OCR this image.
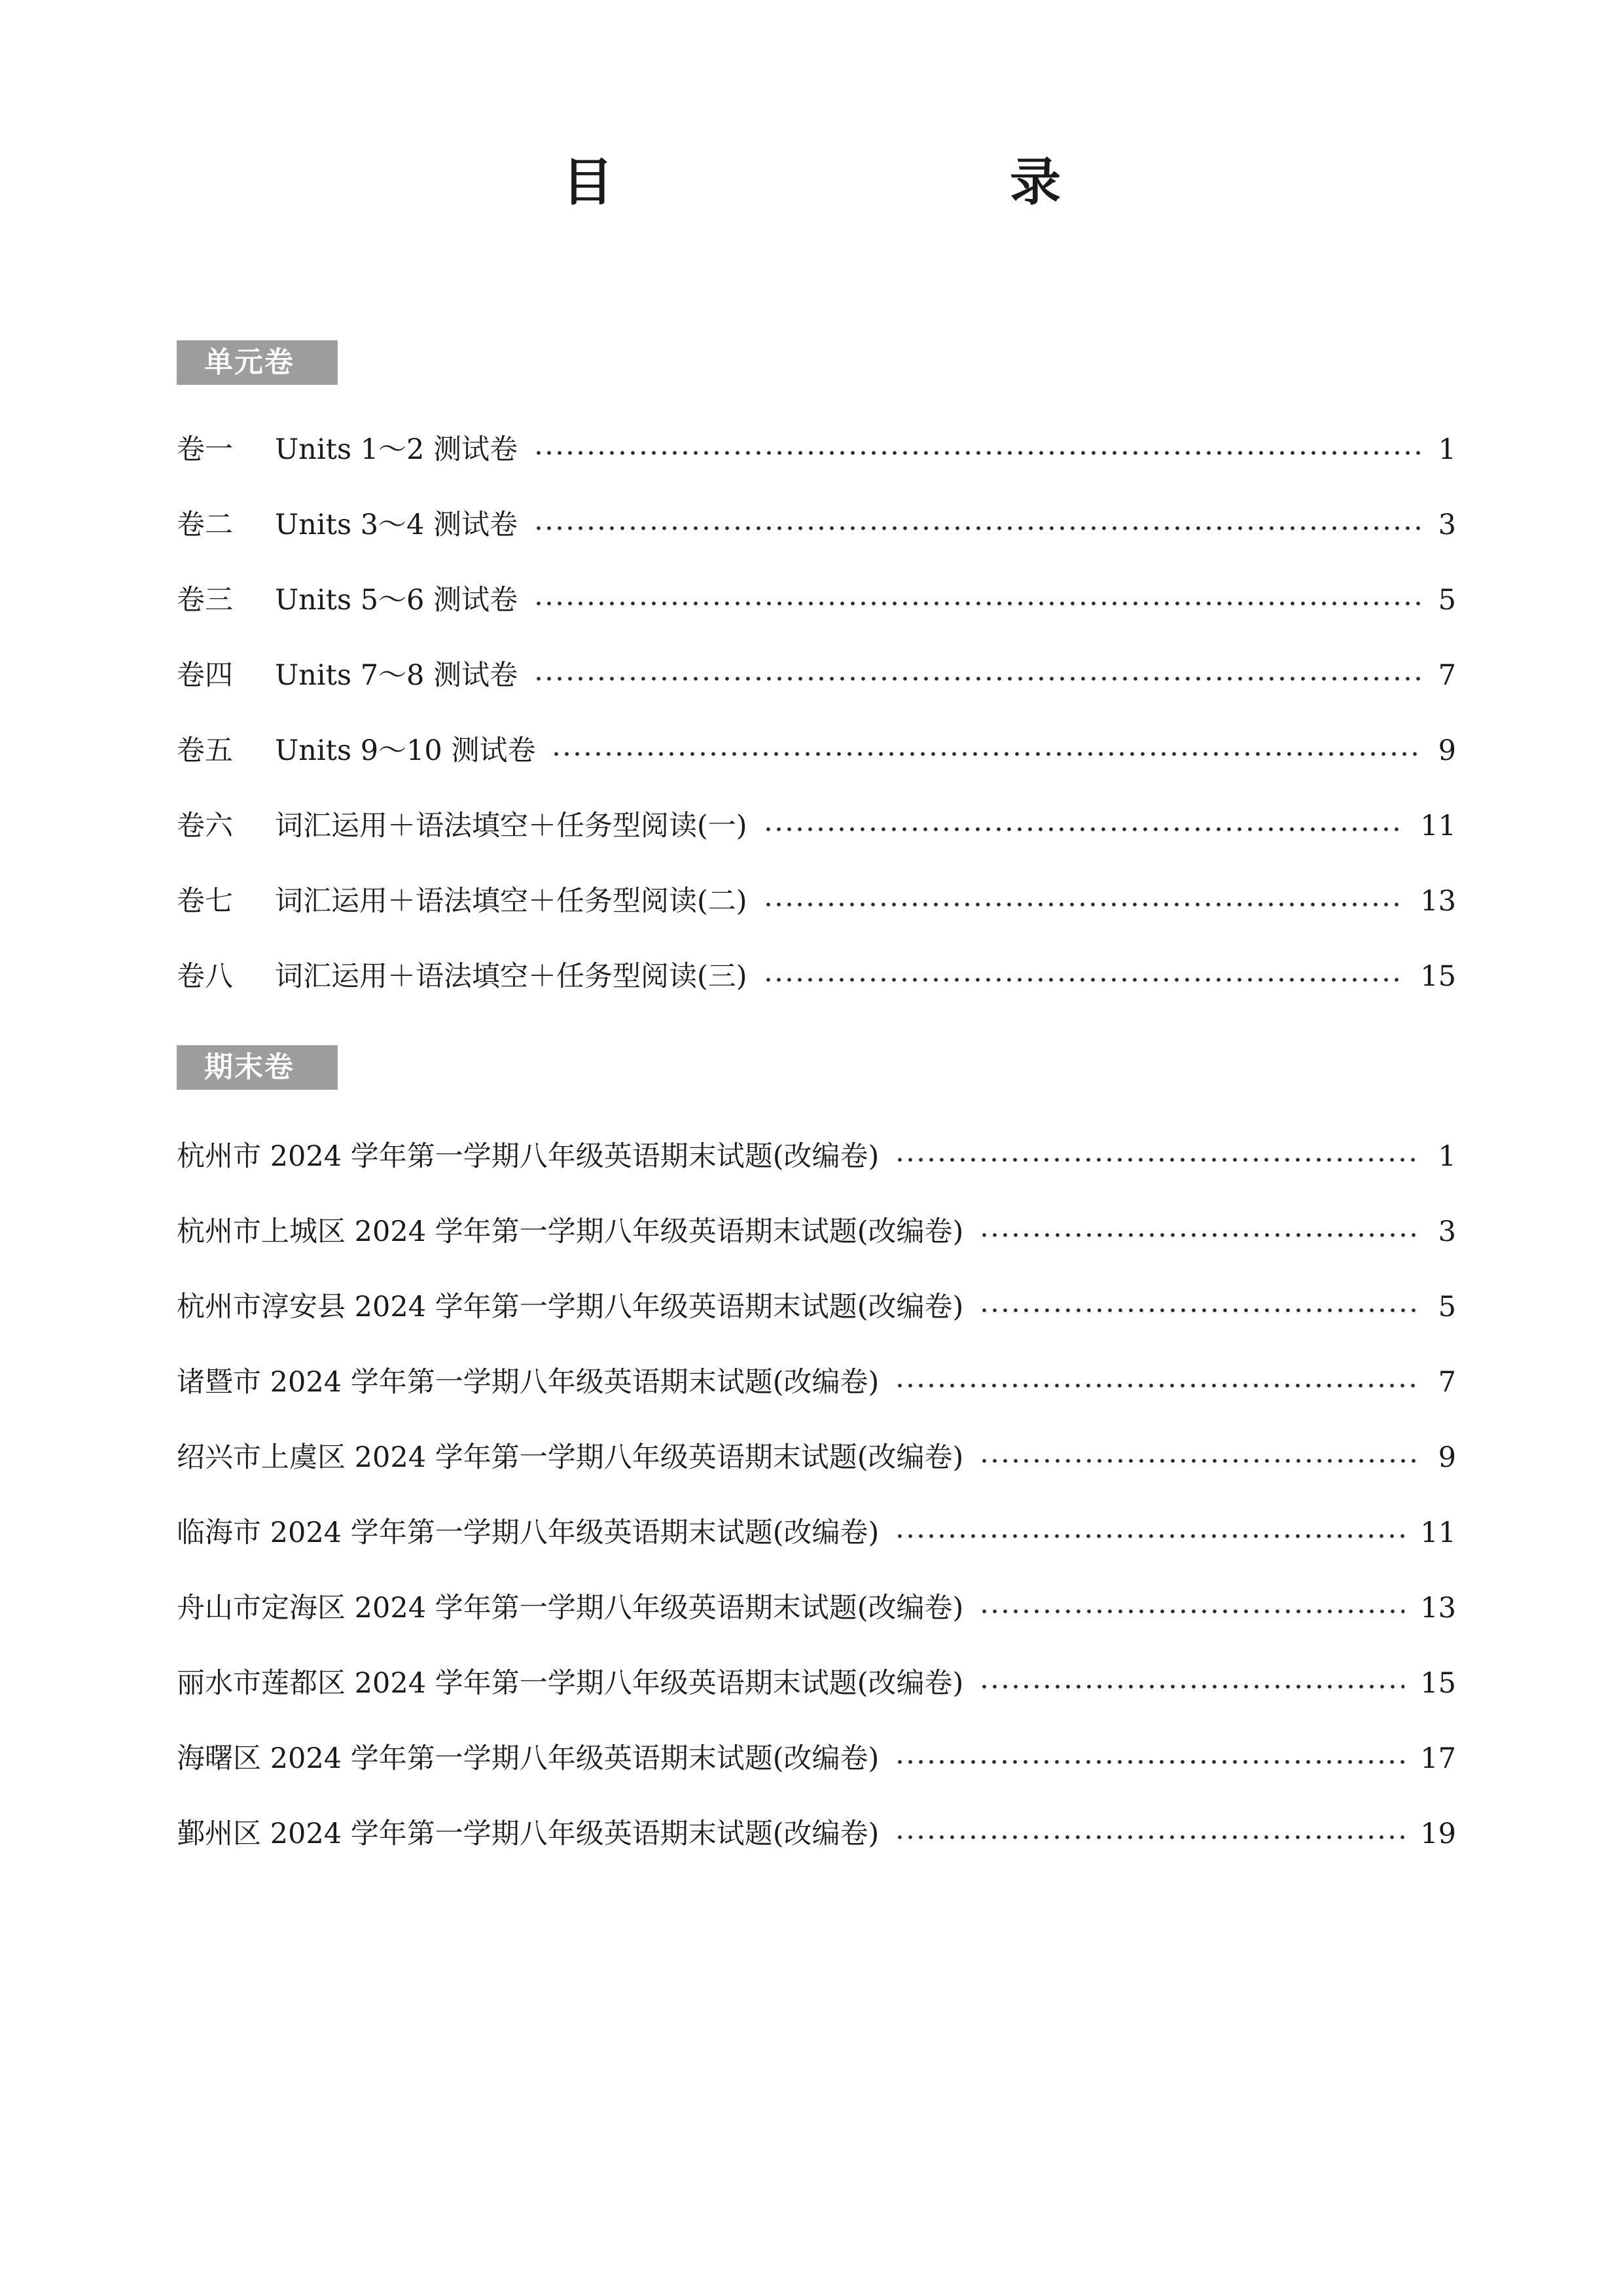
目　　录
单元卷
卷一	Units 1～2 测试卷	1
卷二	Units 3～4 测试卷	3
卷三	Units 5～6 测试卷	5
卷四	Units 7～8 测试卷	7
卷五	Units 9～10 测试卷	9
卷六	词汇运用＋语法填空＋任务型阅读(一)	11
卷七	词汇运用＋语法填空＋任务型阅读(二)	13
卷八	词汇运用＋语法填空＋任务型阅读(三)	15
期末卷
杭州市 2024 学年第一学期八年级英语期末试题(改编卷)	1
杭州市上城区 2024 学年第一学期八年级英语期末试题(改编卷)	3
杭州市淳安县 2024 学年第一学期八年级英语期末试题(改编卷)	5
诸暨市 2024 学年第一学期八年级英语期末试题(改编卷)	7
绍兴市上虞区 2024 学年第一学期八年级英语期末试题(改编卷)	9
临海市 2024 学年第一学期八年级英语期末试题(改编卷)	11
舟山市定海区 2024 学年第一学期八年级英语期末试题(改编卷)	13
丽水市莲都区 2024 学年第一学期八年级英语期末试题(改编卷)	15
海曙区 2024 学年第一学期八年级英语期末试题(改编卷)	17
鄞州区 2024 学年第一学期八年级英语期末试题(改编卷)	19
